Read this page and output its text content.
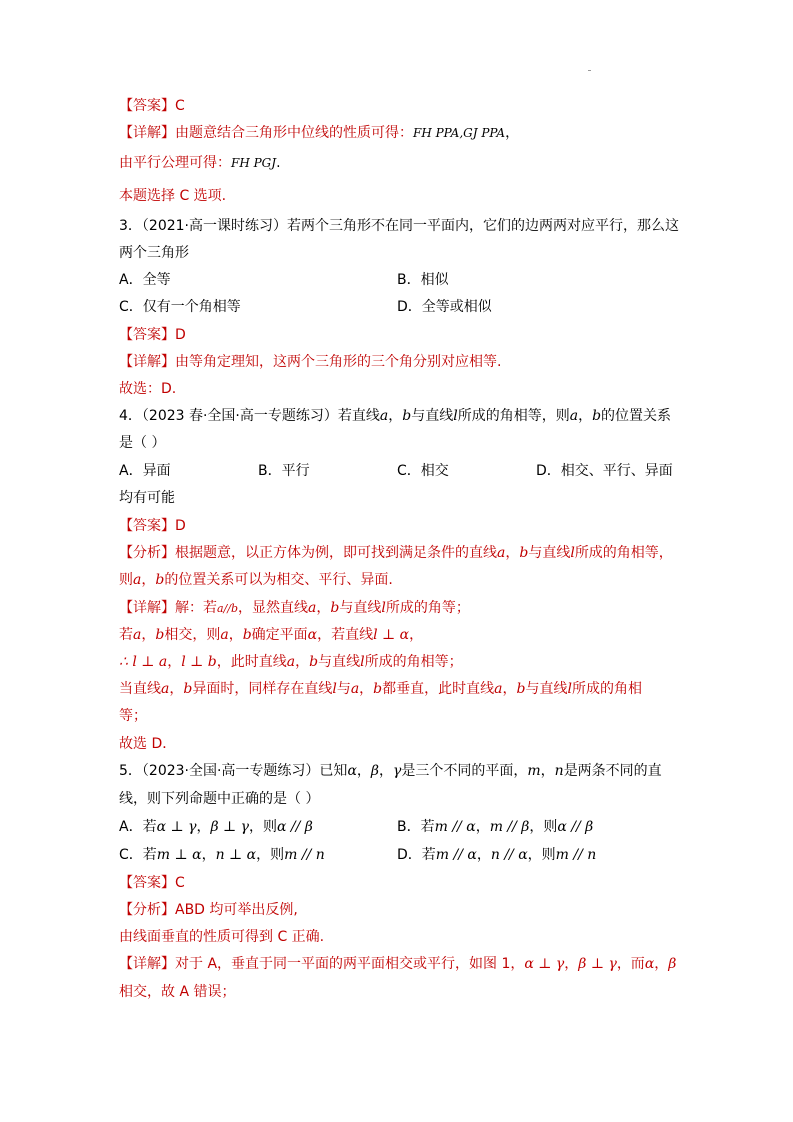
【答案】C
【详解】由题意结合三角形中位线的性质可得：FH PPA,GJ PPA，
由平行公理可得：FH PGJ.
本题选择 C 选项.
3．（2021·高一课时练习）若两个三角形不在同一平面内，它们的边两两对应平行，那么这
两个三角形
A．全等	B．相似
C．仅有一个角相等	D．全等或相似
【答案】D
【详解】由等角定理知，这两个三角形的三个角分别对应相等.
故选：D.
4．（2023 春·全国·高一专题练习）若直线a，b与直线l所成的角相等，则a，b的位置关系
是（ ）
A．异面	B．平行	C．相交	D．相交、平行、异面
均有可能
【答案】D
【分析】根据题意，以正方体为例，即可找到满足条件的直线a，b与直线l所成的角相等，
则a，b的位置关系可以为相交、平行、异面.
【详解】解：若a//b，显然直线a，b与直线l所成的角等；
若a，b相交，则a，b确定平面α，若直线l ⊥ α，
∴ l ⊥ a，l ⊥ b，此时直线a，b与直线l所成的角相等；
当直线a，b异面时，同样存在直线l与a，b都垂直，此时直线a，b与直线l所成的角相
等；
故选 D．
5．（2023·全国·高一专题练习）已知α，β，γ是三个不同的平面，m，n是两条不同的直
线，则下列命题中正确的是（ ）
A．若α ⊥ γ，β ⊥ γ，则α // β	B．若m // α，m // β，则α // β
C．若m ⊥ α，n ⊥ α，则m // n	D．若m // α，n // α，则m // n
【答案】C
【分析】ABD 均可举出反例,
由线面垂直的性质可得到 C 正确.
【详解】对于 A，垂直于同一平面的两平面相交或平行，如图 1，α ⊥ γ，β ⊥ γ，而α，β
相交，故 A 错误；
